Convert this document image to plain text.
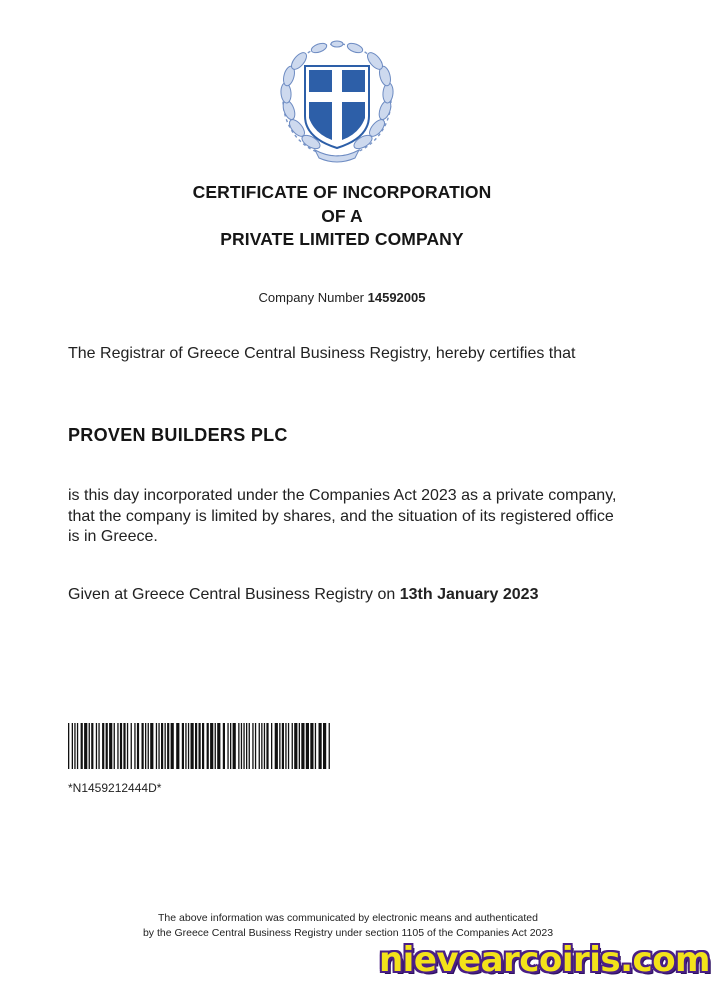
CERTIFICATE OF INCORPORATION
OF A
PRIVATE LIMITED COMPANY
Company Number 14592005
The Registrar of Greece Central Business Registry, hereby certifies that
PROVEN BUILDERS PLC
is this day incorporated under the Companies Act 2023 as a private company, that the company is limited by shares, and the situation of its registered office is in Greece.
Given at Greece Central Business Registry on 13th January 2023
*N1459212444D*
The above information was communicated by electronic means and authenticated
by the Greece Central Business Registry under section 1105 of the Companies Act 2023
nievearcoiris.com
